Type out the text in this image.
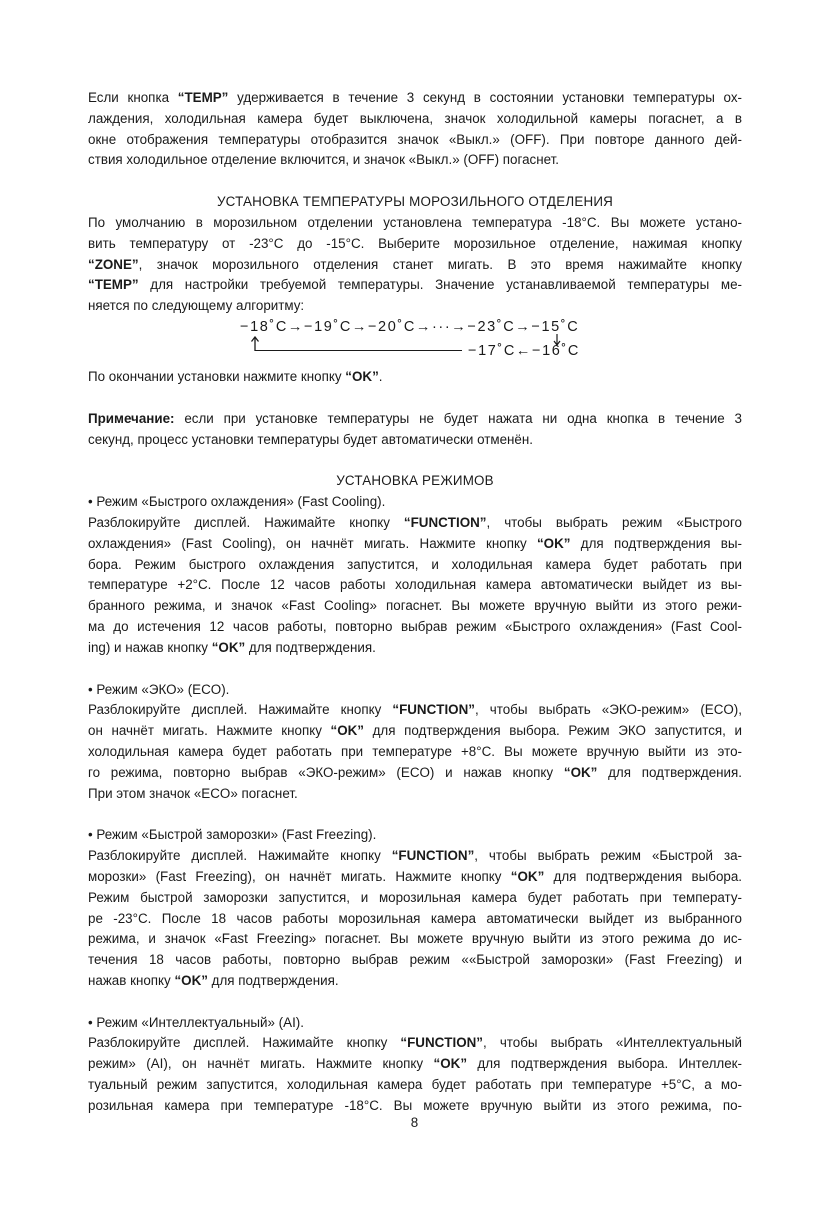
Если кнопка “TEMP” удерживается в течение 3 секунд в состоянии установки температуры ох-

лаждения, холодильная камера будет выключена, значок холодильной камеры погаснет, а в

окне отображения температуры отобразится значок «Выкл.» (OFF). При повторе данного дей-

ствия холодильное отделение включится, и значок «Выкл.» (OFF) погаснет.

УСТАНОВКА ТЕМПЕРАТУРЫ МОРОЗИЛЬНОГО ОТДЕЛЕНИЯ

По умолчанию в морозильном отделении установлена температура -18°C. Вы можете устано-

вить температуру от -23°C до -15°C. Выберите морозильное отделение, нажимая кнопку

“ZONE”, значок морозильного отделения станет мигать. В это время нажимайте кнопку

“TEMP” для настройки требуемой температуры. Значение устанавливаемой температуры ме-

няется по следующему алгоритму:

−18˚C→−19˚C→−20˚C→···→−23˚C→−15˚C
−17˚C←−16˚C

По окончании установки нажмите кнопку “OK”.

Примечание: если при установке температуры не будет нажата ни одна кнопка в течение 3

секунд, процесс установки температуры будет автоматически отменён.

УСТАНОВКА РЕЖИМОВ

• Режим «Быстрого охлаждения» (Fast Cooling).

Разблокируйте дисплей. Нажимайте кнопку “FUNCTION”, чтобы выбрать режим «Быстрого

охлаждения» (Fast Cooling), он начнёт мигать. Нажмите кнопку “OK” для подтверждения вы-

бора. Режим быстрого охлаждения запустится, и холодильная камера будет работать при

температуре +2°C. После 12 часов работы холодильная камера автоматически выйдет из вы-

бранного режима, и значок «Fast Cooling» погаснет. Вы можете вручную выйти из этого режи-

ма до истечения 12 часов работы, повторно выбрав режим «Быстрого охлаждения» (Fast Cool-

ing) и нажав кнопку “OK” для подтверждения.

• Режим «ЭКО» (ECO).

Разблокируйте дисплей. Нажимайте кнопку “FUNCTION”, чтобы выбрать «ЭКО-режим» (ECO),

он начнёт мигать. Нажмите кнопку “OK” для подтверждения выбора. Режим ЭКО запустится, и

холодильная камера будет работать при температуре +8°C. Вы можете вручную выйти из это-

го режима, повторно выбрав «ЭКО-режим» (ECO) и нажав кнопку “OK” для подтверждения.

При этом значок «ECO» погаснет.

• Режим «Быстрой заморозки» (Fast Freezing).

Разблокируйте дисплей. Нажимайте кнопку “FUNCTION”, чтобы выбрать режим «Быстрой за-

морозки» (Fast Freezing), он начнёт мигать. Нажмите кнопку “OK” для подтверждения выбора.

Режим быстрой заморозки запустится, и морозильная камера будет работать при температу-

ре -23°C. После 18 часов работы морозильная камера автоматически выйдет из выбранного

режима, и значок «Fast Freezing» погаснет. Вы можете вручную выйти из этого режима до ис-

течения 18 часов работы, повторно выбрав режим ««Быстрой заморозки» (Fast Freezing) и

нажав кнопку “OK” для подтверждения.

• Режим «Интеллектуальный» (AI).

Разблокируйте дисплей. Нажимайте кнопку “FUNCTION”, чтобы выбрать «Интеллектуальный

режим» (AI), он начнёт мигать. Нажмите кнопку “OK” для подтверждения выбора. Интеллек-

туальный режим запустится, холодильная камера будет работать при температуре +5°C, а мо-

розильная камера при температуре -18°C. Вы можете вручную выйти из этого режима, по-

8
